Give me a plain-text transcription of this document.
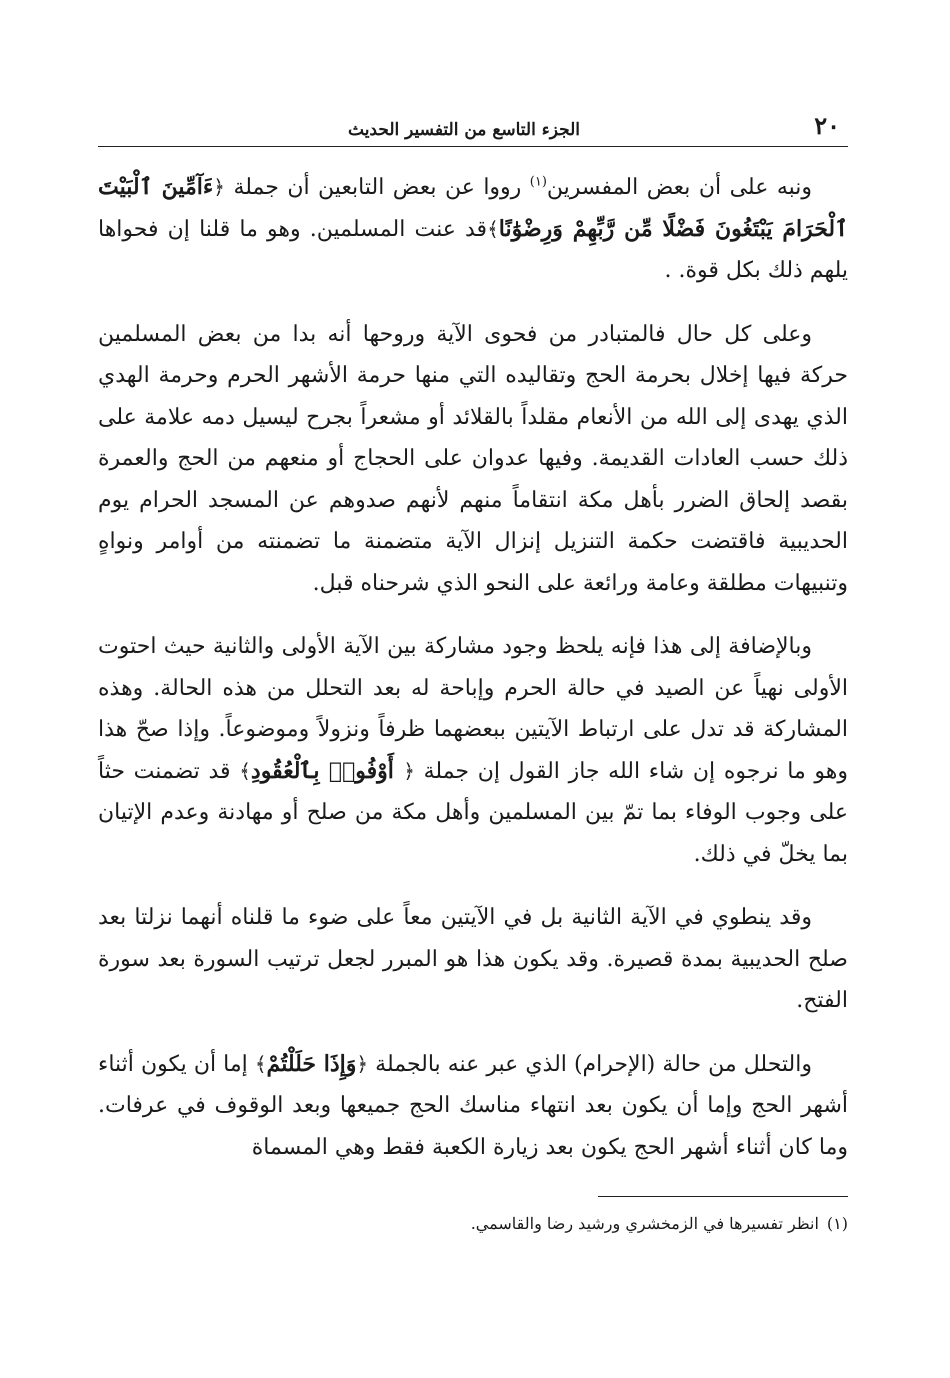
٢٠
الجزء التاسع من التفسير الحديث

ونبه على أن بعض المفسرين$^{(١)}$ رووا عن بعض التابعين أن جملة ﴿ءَآمِّينَ ٱلْبَيْتَ ٱلْحَرَامَ يَبْتَغُونَ فَضْلًا مِّن رَّبِّهِمْ وَرِضْوَٰنًا﴾قد عنت المسلمين. وهو ما قلنا إن فحواها يلهم ذلك بكل قوة. .

وعلى كل حال فالمتبادر من فحوى الآية وروحها أنه بدا من بعض المسلمين حركة فيها إخلال بحرمة الحج وتقاليده التي منها حرمة الأشهر الحرم وحرمة الهدي الذي يهدى إلى الله من الأنعام مقلداً بالقلائد أو مشعراً بجرح ليسيل دمه علامة على ذلك حسب العادات القديمة. وفيها عدوان على الحجاج أو منعهم من الحج والعمرة بقصد إلحاق الضرر بأهل مكة انتقاماً منهم لأنهم صدوهم عن المسجد الحرام يوم الحديبية فاقتضت حكمة التنزيل إنزال الآية متضمنة ما تضمنته من أوامر ونواهٍ وتنبيهات مطلقة وعامة ورائعة على النحو الذي شرحناه قبل.

وبالإضافة إلى هذا فإنه يلحظ وجود مشاركة بين الآية الأولى والثانية حيث احتوت الأولى نهياً عن الصيد في حالة الحرم وإباحة له بعد التحلل من هذه الحالة. وهذه المشاركة قد تدل على ارتباط الآيتين ببعضهما ظرفاً ونزولاً وموضوعاً. وإذا صحّ هذا وهو ما نرجوه إن شاء الله جاز القول إن جملة ﴿ أَوْفُوا۟ بِٱلْعُقُودِ﴾ قد تضمنت حثاً على وجوب الوفاء بما تمّ بين المسلمين وأهل مكة من صلح أو مهادنة وعدم الإتيان بما يخلّ في ذلك.

وقد ينطوي في الآية الثانية بل في الآيتين معاً على ضوء ما قلناه أنهما نزلتا بعد صلح الحديبية بمدة قصيرة. وقد يكون هذا هو المبرر لجعل ترتيب السورة بعد سورة الفتح.

والتحلل من حالة (الإحرام) الذي عبر عنه بالجملة ﴿وَإِذَا حَلَلْتُمْ﴾ إما أن يكون أثناء أشهر الحج وإما أن يكون بعد انتهاء مناسك الحج جميعها وبعد الوقوف في عرفات. وما كان أثناء أشهر الحج يكون بعد زيارة الكعبة فقط وهي المسماة

(١)
انظر تفسيرها في الزمخشري ورشيد رضا والقاسمي.
